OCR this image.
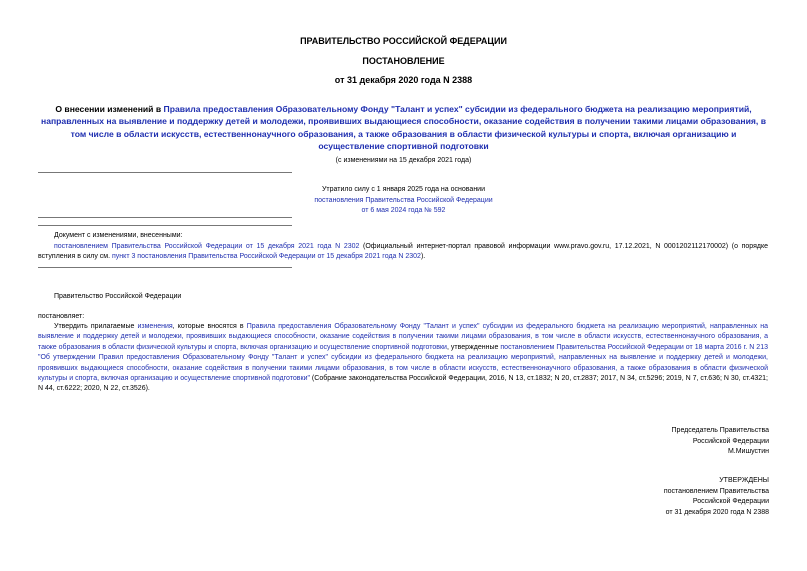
ПРАВИТЕЛЬСТВО РОССИЙСКОЙ ФЕДЕРАЦИИ
ПОСТАНОВЛЕНИЕ
от 31 декабря 2020 года N 2388
О внесении изменений в Правила предоставления Образовательному Фонду "Талант и успех" субсидии из федерального бюджета на реализацию мероприятий, направленных на выявление и поддержку детей и молодежи, проявивших выдающиеся способности, оказание содействия в получении такими лицами образования, в том числе в области искусств, естественнонаучного образования, а также образования в области физической культуры и спорта, включая организацию и осуществление спортивной подготовки
(с изменениями на 15 декабря 2021 года)
Утратило силу с 1 января 2025 года на основании
постановления Правительства Российской Федерации
от 6 мая 2024 года № 592
Документ с изменениями, внесенными:
постановлением Правительства Российской Федерации от 15 декабря 2021 года N 2302 (Официальный интернет-портал правовой информации www.pravo.gov.ru, 17.12.2021, N 0001202112170002) (о порядке вступления в силу см. пункт 3 постановления Правительства Российской Федерации от 15 декабря 2021 года N 2302).
Правительство Российской Федерации
постановляет:
Утвердить прилагаемые изменения, которые вносятся в Правила предоставления Образовательному Фонду "Талант и успех" субсидии из федерального бюджета на реализацию мероприятий, направленных на выявление и поддержку детей и молодежи, проявивших выдающиеся способности, оказание содействия в получении такими лицами образования, в том числе в области искусств, естественнонаучного образования, а также образования в области физической культуры и спорта, включая организацию и осуществление спортивной подготовки, утвержденные постановлением Правительства Российской Федерации от 18 марта 2016 г. N 213 "Об утверждении Правил предоставления Образовательному Фонду "Талант и успех" субсидии из федерального бюджета на реализацию мероприятий, направленных на выявление и поддержку детей и молодежи, проявивших выдающиеся способности, оказание содействия в получении такими лицами образования, в том числе в области искусств, естественнонаучного образования, а также образования в области физической культуры и спорта, включая организацию и осуществление спортивной подготовки" (Собрание законодательства Российской Федерации, 2016, N 13, ст.1832; N 20, ст.2837; 2017, N 34, ст.5296; 2019, N 7, ст.636; N 30, ст.4321; N 44, ст.6222; 2020, N 22, ст.3526).
Председатель Правительства
Российской Федерации
М.Мишустин
УТВЕРЖДЕНЫ
постановлением Правительства
Российской Федерации
от 31 декабря 2020 года N 2388
